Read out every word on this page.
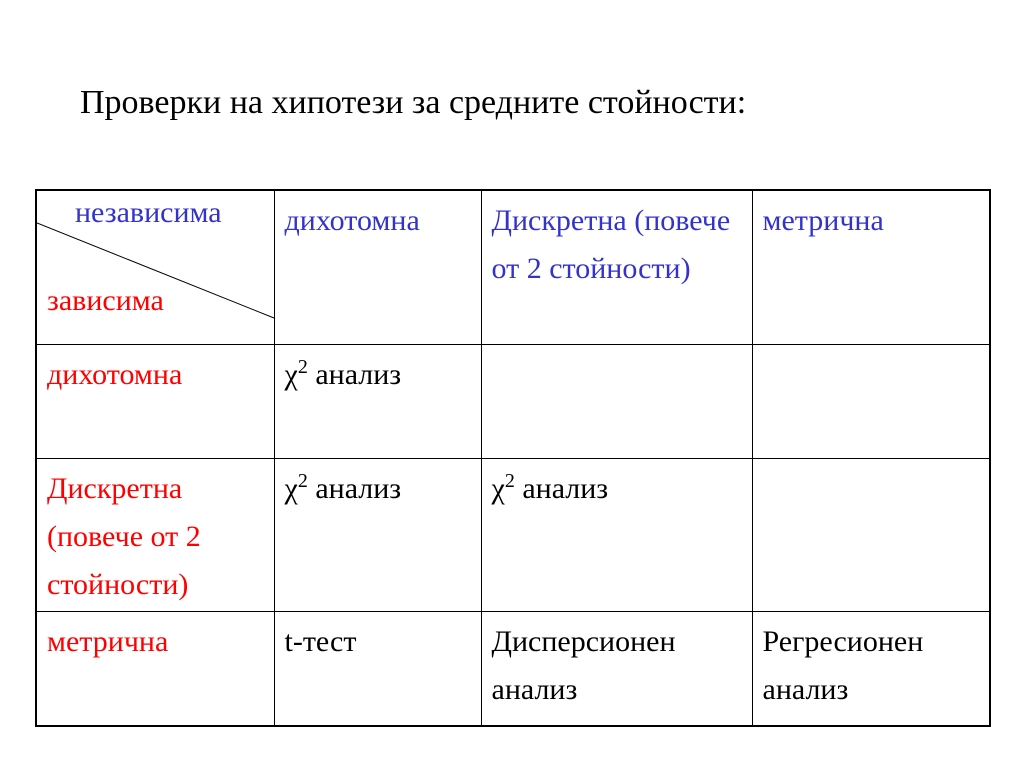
Проверки на хипотези за средните стойности:
независима
зависима	дихотомна	Дискретна (повече от 2 стойности)	метрична
дихотомна	$\chi^2$ анализ		
Дискретна (повече от 2 стойности)	$\chi^2$ анализ	$\chi^2$ анализ	
метрична	t-тест	Дисперсионен анализ	Регресионен анализ
